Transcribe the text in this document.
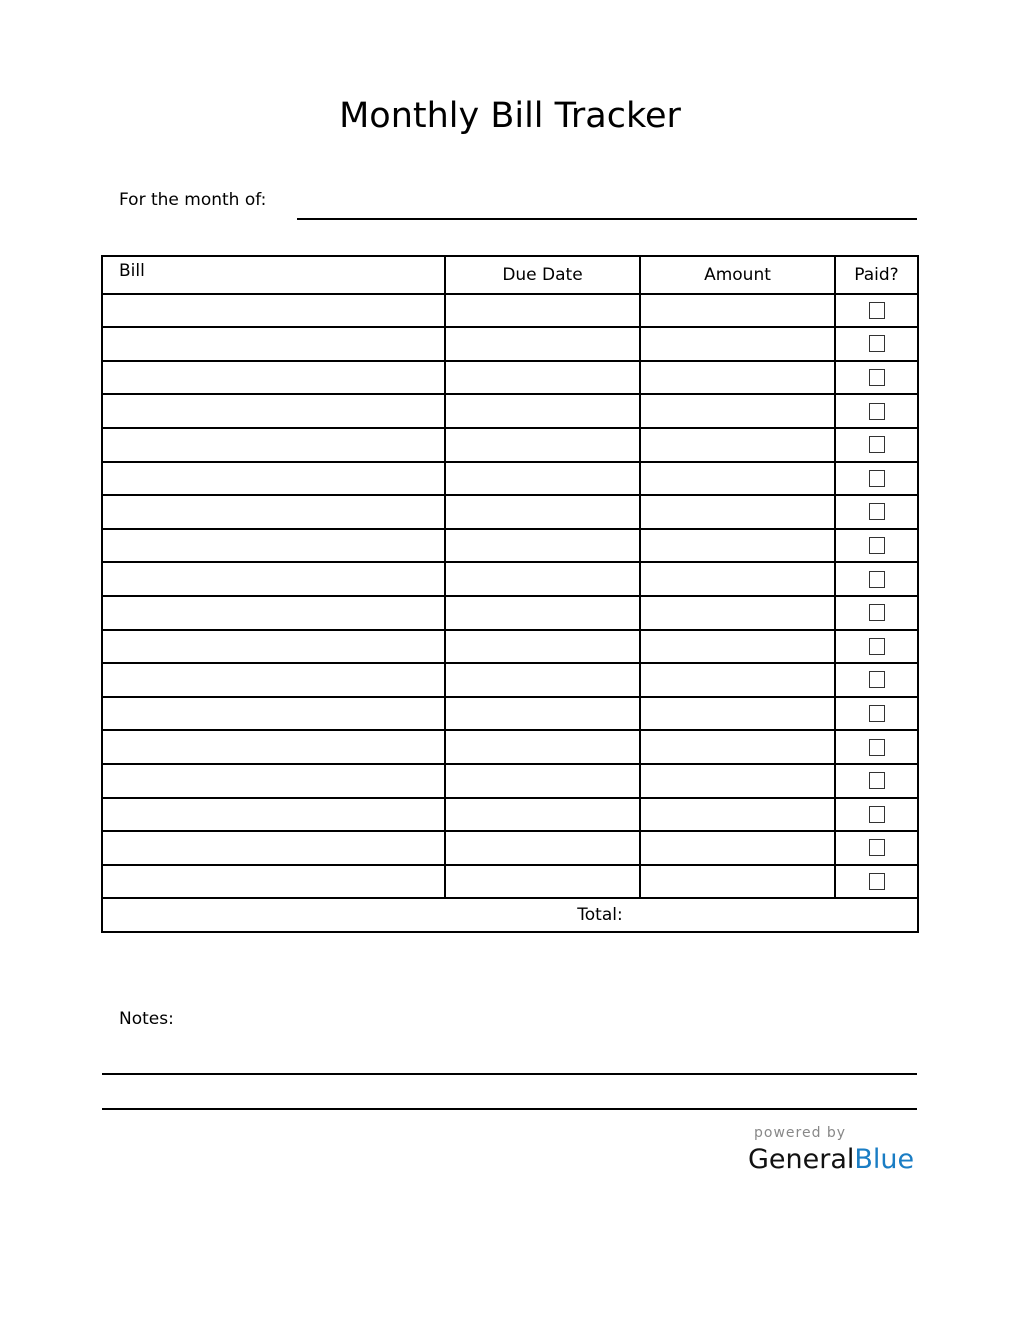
Monthly Bill Tracker
For the month of:
Bill	Due Date	Amount	Paid?

Total:			
Notes:
powered by
GeneralBlue
